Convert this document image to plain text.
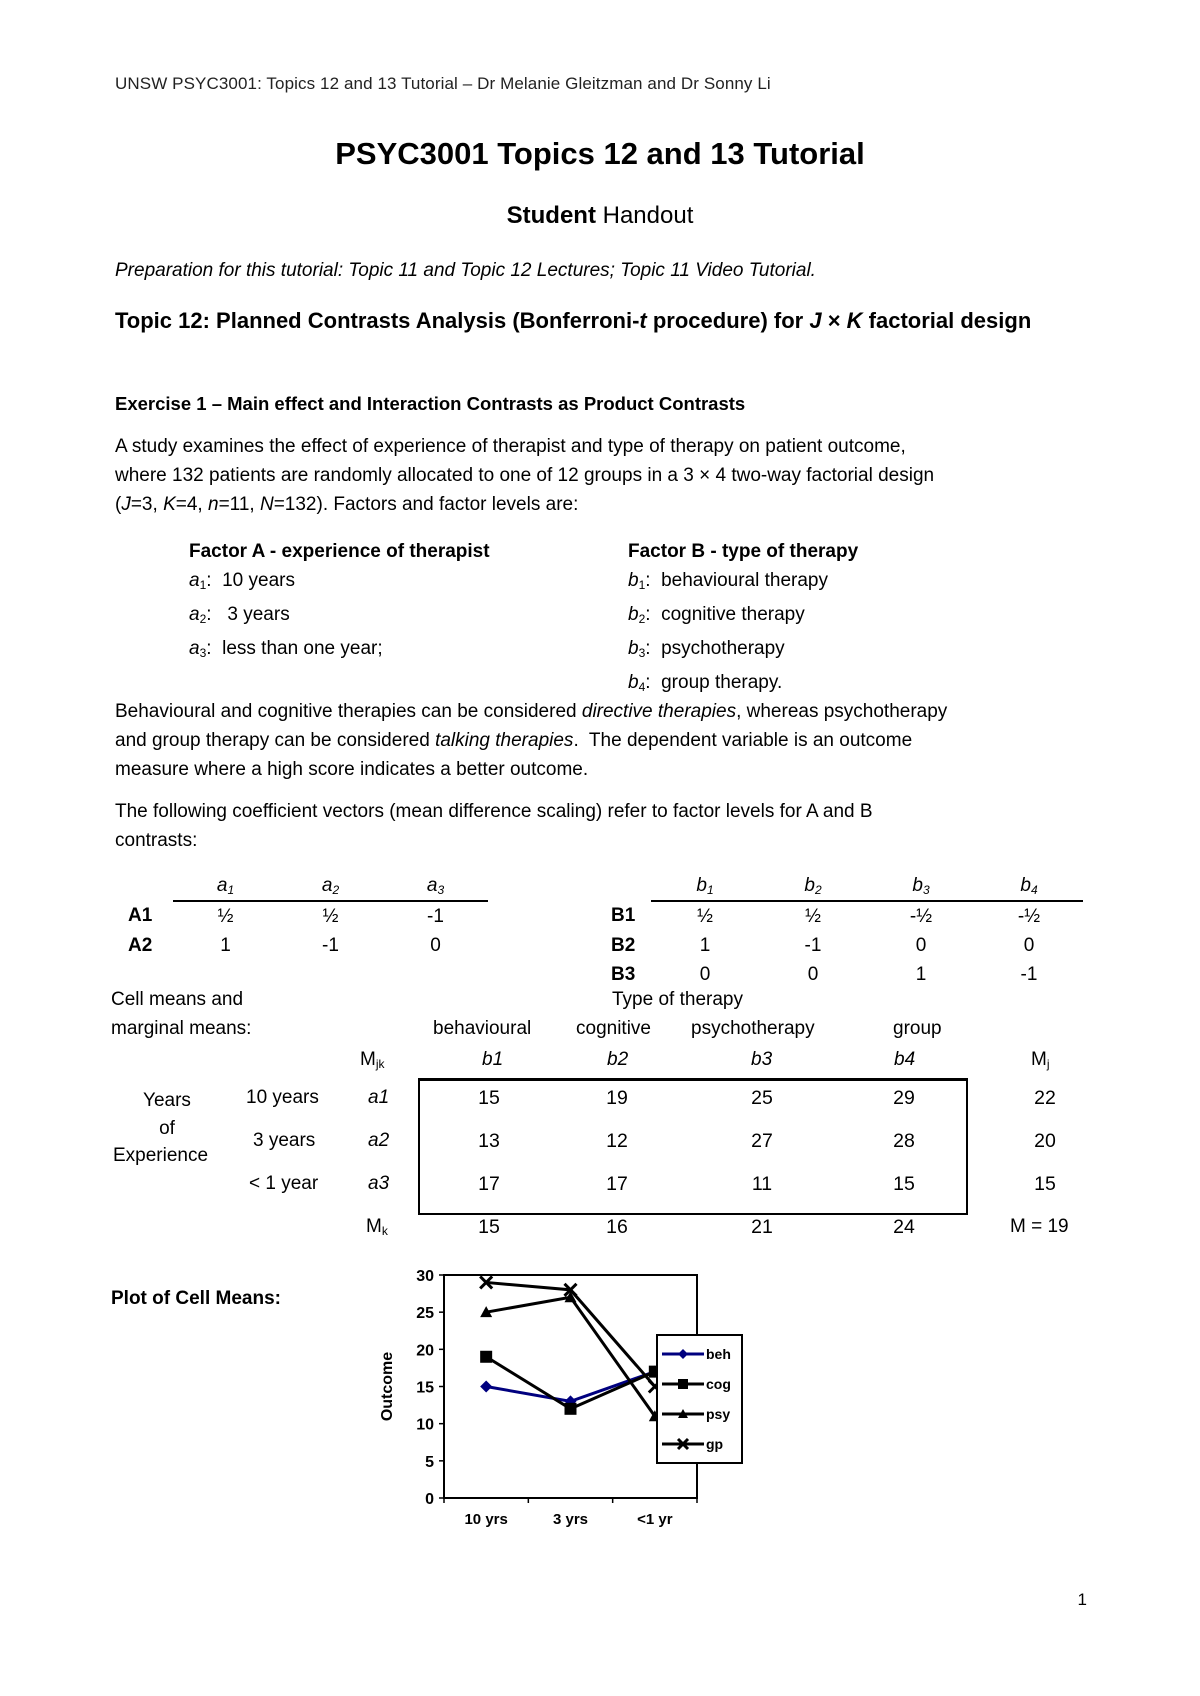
UNSW PSYC3001: Topics 12 and 13 Tutorial – Dr Melanie Gleitzman and Dr Sonny Li
PSYC3001 Topics 12 and 13 Tutorial
Student Handout
Preparation for this tutorial: Topic 11 and Topic 12 Lectures; Topic 11 Video Tutorial.
Topic 12: Planned Contrasts Analysis (Bonferroni-t procedure) for J × K factorial design
Exercise 1 – Main effect and Interaction Contrasts as Product Contrasts
A study examines the effect of experience of therapist and type of therapy on patient outcome,
where 132 patients are randomly allocated to one of 12 groups in a 3 × 4 two-way factorial design
(J=3, K=4, n=11, N=132). Factors and factor levels are:
Factor A - experience of therapist
$a_1$:  10 years
$a_2$:   3 years
$a_3$:  less than one year;
Factor B - type of therapy
$b_1$:  behavioural therapy
$b_2$:  cognitive therapy
$b_3$:  psychotherapy
$b_4$:  group therapy.
Behavioural and cognitive therapies can be considered directive therapies, whereas psychotherapy
and group therapy can be considered talking therapies.  The dependent variable is an outcome
measure where a high score indicates a better outcome.
The following coefficient vectors (mean difference scaling) refer to factor levels for A and B
contrasts:
	$a_1$	$a_2$	$a_3$
A1	½	½	-1
A2	1	-1	0
	$b_1$	$b_2$	$b_3$	$b_4$
B1	½	½	-½	-½
B2	1	-1	0	0
B3	0	0	1	-1
Cell means and
marginal means:
Type of therapy
behavioural cognitive psychotherapy	group
$M_{jk}$	b1	b2	b3	b4	$M_j$
Years
of
Experience
10 years	a1	15	19	25	29	22
3 years	a2	13	12	27	28	20
< 1 year	a3	17	17	11	15	15
$M_k$	15	16	21	24	M = 19
Plot of Cell Means:
0
5
10
15
20
25
30
10 yrs	3 yrs	<1 yr
Outcome	beh
cog
psy
gp
1
